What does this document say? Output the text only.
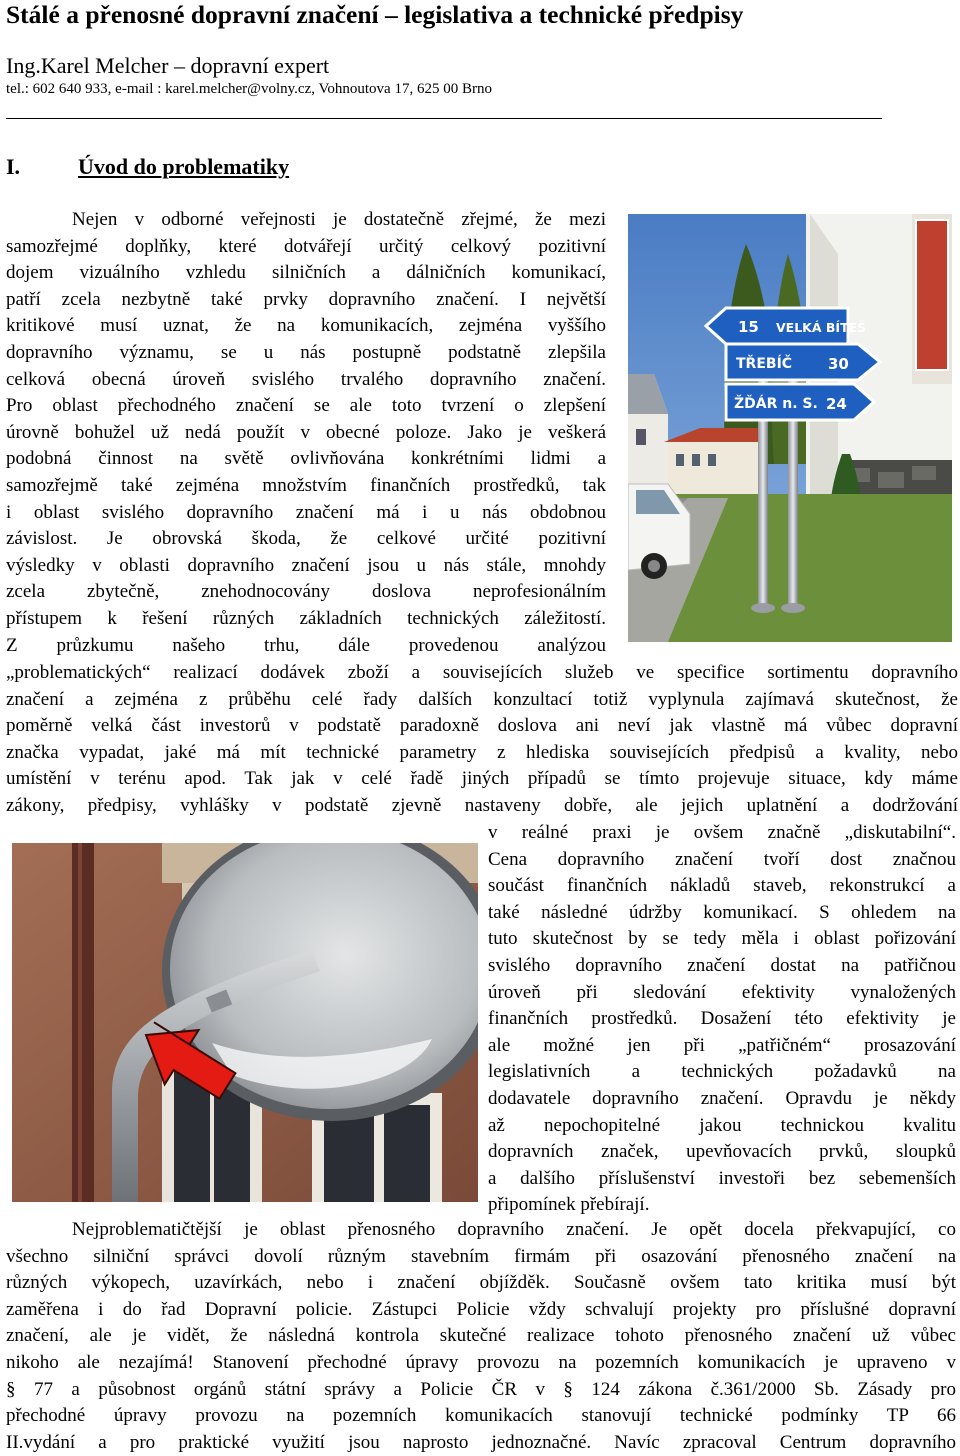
Stálé a přenosné dopravní značení – legislativa a technické předpisy
Ing.Karel Melcher – dopravní expert
tel.: 602 640 933, e-mail : karel.melcher@volny.cz, Vohnoutova 17, 625 00 Brno
I.	Úvod do problematiky
Nejen v odborné veřejnosti je dostatečně zřejmé, že mezi
samozřejmé doplňky, které dotvářejí určitý celkový pozitivní
dojem vizuálního vzhledu silničních a dálničních komunikací,
patří zcela nezbytně také prvky dopravního značení. I největší
kritikové musí uznat, že na komunikacích, zejména vyššího
dopravního významu, se u nás postupně podstatně zlepšila
celková obecná úroveň svislého trvalého dopravního značení.
Pro oblast přechodného značení se ale toto tvrzení o zlepšení
úrovně bohužel už nedá použít v obecné poloze. Jako je veškerá
podobná činnost na světě ovlivňována konkrétními lidmi a
samozřejmě také zejména množstvím finančních prostředků, tak
i oblast svislého dopravního značení má i u nás obdobnou
závislost. Je obrovská škoda, že celkové určité pozitivní
výsledky v oblasti dopravního značení jsou u nás stále, mnohdy
zcela zbytečně, znehodnocovány doslova neprofesionálním
přístupem k řešení různých základních technických záležitostí.
Z průzkumu našeho trhu, dále provedenou analýzou
„problematických“ realizací dodávek zboží a souvisejících služeb ve specifice sortimentu dopravního
značení a zejména z průběhu celé řady dalších konzultací totiž vyplynula zajímavá skutečnost, že
poměrně velká část investorů v podstatě paradoxně doslova ani neví jak vlastně má vůbec dopravní
značka vypadat, jaké má mít technické parametry z hlediska souvisejících předpisů a kvality, nebo
umístění v terénu apod. Tak jak v celé řadě jiných případů se tímto projevuje situace, kdy máme
zákony, předpisy, vyhlášky v podstatě zjevně nastaveny dobře, ale jejich uplatnění a dodržování
v reálné praxi je ovšem značně „diskutabilní“.
Cena dopravního značení tvoří dost značnou
součást finančních nákladů staveb, rekonstrukcí a
také následné údržby komunikací. S ohledem na
tuto skutečnost by se tedy měla i oblast pořizování
svislého dopravního značení dostat na patřičnou
úroveň při sledování efektivity vynaložených
finančních prostředků. Dosažení této efektivity je
ale možné jen při „patřičném“ prosazování
legislativních a technických požadavků na
dodavatele dopravního značení. Opravdu je někdy
až nepochopitelné jakou technickou kvalitu
dopravních značek, upevňovacích prvků, sloupků
a dalšího příslušenství investoři bez sebemenších
připomínek přebírají.
Nejproblematičtější je oblast přenosného dopravního značení. Je opět docela překvapující, co
všechno silniční správci dovolí různým stavebním firmám při osazování přenosného značení na
různých výkopech, uzavírkách, nebo i značení objížděk. Současně ovšem tato kritika musí být
zaměřena i do řad Dopravní policie. Zástupci Policie vždy schvalují projekty pro příslušné dopravní
značení, ale je vidět, že následná kontrola skutečné realizace tohoto přenosného značení už vůbec
nikoho ale nezajímá! Stanovení přechodné úpravy provozu na pozemních komunikacích je upraveno v
§ 77 a působnost orgánů státní správy a Policie ČR v § 124 zákona č.361/2000 Sb. Zásady pro
přechodné úpravy provozu na pozemních komunikacích stanovují technické podmínky TP 66
II.vydání a pro praktické využití jsou naprosto jednoznačné. Navíc zpracoval Centrum dopravního
15 VELKÁ BÍTEŠ
TŘEBÍČ 30
ŽĎÁR n. S. 24
